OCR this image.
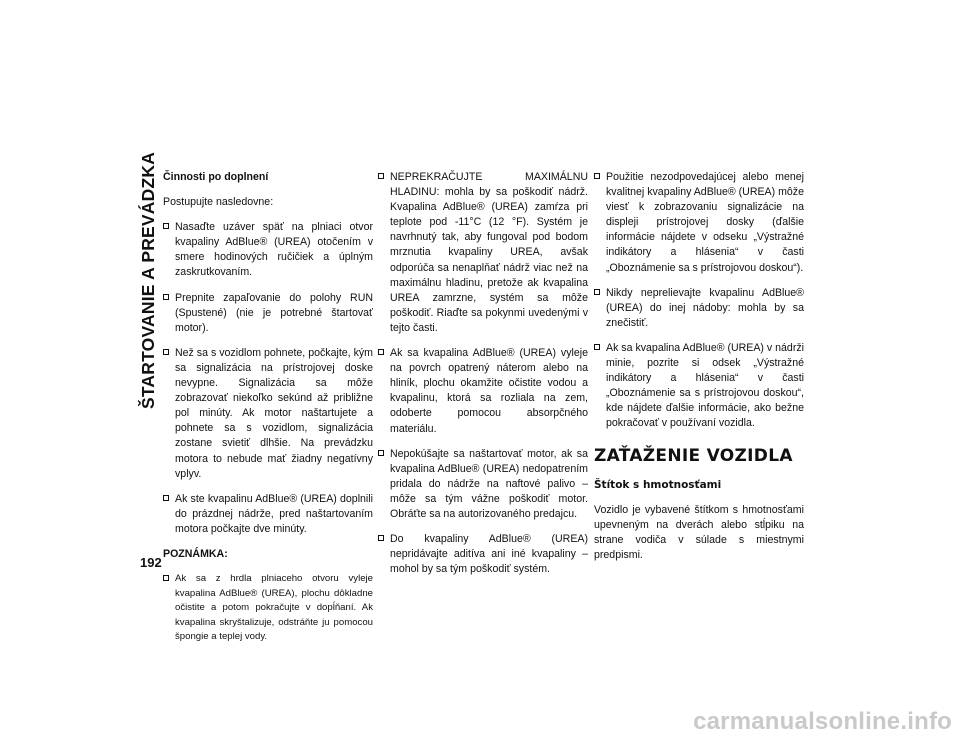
ŠTARTOVANIE A PREVÁDZKA
192

Činnosti po doplnení

Postupujte nasledovne:

Nasaďte uzáver späť na plniaci otvor kvapaliny AdBlue® (UREA) otočením v smere hodinových ručičiek a úplným zaskrutkovaním.
Prepnite zapaľovanie do polohy RUN (Spustené) (nie je potrebné štartovať motor).
Než sa s vozidlom pohnete, počkajte, kým sa signalizácia na prístrojovej doske nevypne. Signalizácia sa môže zobrazovať niekoľko sekúnd až približne pol minúty. Ak motor naštartujete a pohnete sa s vozidlom, signalizácia zostane svietiť dlhšie. Na prevádzku motora to nebude mať žiadny negatívny vplyv.
Ak ste kvapalinu AdBlue® (UREA) doplnili do prázdnej nádrže, pred naštartovaním motora počkajte dve minúty.

POZNÁMKA:

Ak sa z hrdla plniaceho otvoru vyleje kvapalina AdBlue® (UREA), plochu dôkladne očistite a potom pokračujte v dopĺňaní. Ak kvapalina skryštalizuje, odstráňte ju pomocou špongie a teplej vody.
NEPREKRAČUJTE MAXIMÁLNU HLADINU: mohla by sa poškodiť nádrž. Kvapalina AdBlue® (UREA) zamŕza pri teplote pod -11°C (12 °F). Systém je navrhnutý tak, aby fungoval pod bodom mrznutia kvapaliny UREA, avšak odporúča sa nenaplňať nádrž viac než na maximálnu hladinu, pretože ak kvapalina UREA zamrzne, systém sa môže poškodiť. Riaďte sa pokynmi uvedenými v tejto časti.
Ak sa kvapalina AdBlue® (UREA) vyleje na povrch opatrený náterom alebo na hliník, plochu okamžite očistite vodou a kvapalinu, ktorá sa rozliala na zem, odoberte pomocou absorpčného materiálu.
Nepokúšajte sa naštartovať motor, ak sa kvapalina AdBlue® (UREA) nedopatrením pridala do nádrže na naftové palivo – môže sa tým vážne poškodiť motor. Obráťte sa na autorizovaného predajcu.
Do kvapaliny AdBlue® (UREA) nepridávajte aditíva ani iné kvapaliny – mohol by sa tým poškodiť systém.
Použitie nezodpovedajúcej alebo menej kvalitnej kvapaliny AdBlue® (UREA) môže viesť k zobrazovaniu signalizácie na displeji prístrojovej dosky (ďalšie informácie nájdete v odseku „Výstražné indikátory a hlásenia“ v časti „Oboznámenie sa s prístrojovou doskou“).
Nikdy neprelievajte kvapalinu AdBlue® (UREA) do inej nádoby: mohla by sa znečistiť.
Ak sa kvapalina AdBlue® (UREA) v nádrži minie, pozrite si odsek „Výstražné indikátory a hlásenia“ v časti „Oboznámenie sa s prístrojovou doskou“, kde nájdete ďalšie informácie, ako bežne pokračovať v používaní vozidla.
ZAŤAŽENIE VOZIDLA
Štítok s hmotnosťami

Vozidlo je vybavené štítkom s hmotnosťami upevneným na dverách alebo stĺpiku na strane vodiča v súlade s miestnymi predpismi.

carmanualsonline.info
